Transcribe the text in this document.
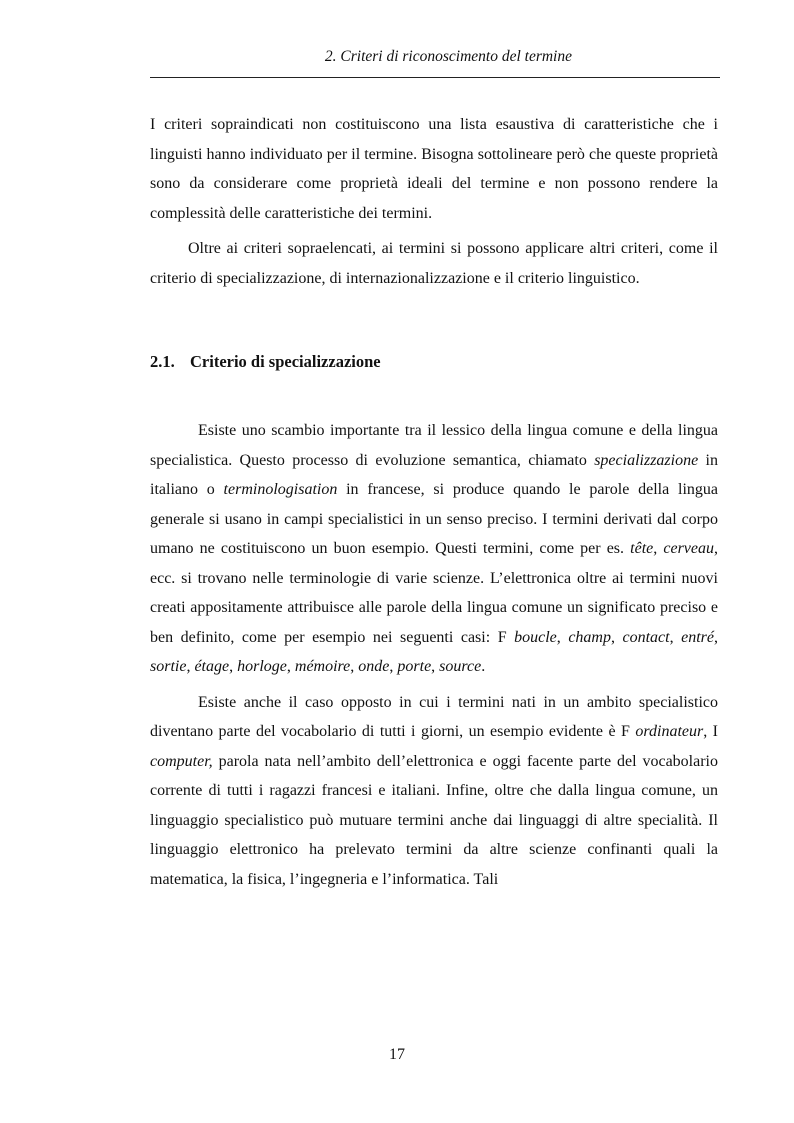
2. Criteri di riconoscimento del termine

I criteri sopraindicati non costituiscono una lista esaustiva di caratteristiche che i linguisti hanno individuato per il termine. Bisogna sottolineare però che queste proprietà sono da considerare come proprietà ideali del termine e non possono rendere la complessità delle caratteristiche dei termini.

Oltre ai criteri sopraelencati, ai termini si possono applicare altri criteri, come il criterio di specializzazione, di internazionalizzazione e il criterio linguistico.

2.1. Criterio di specializzazione

Esiste uno scambio importante tra il lessico della lingua comune e della lingua specialistica. Questo processo di evoluzione semantica, chiamato specializzazione in italiano o terminologisation in francese, si produce quando le parole della lingua generale si usano in campi specialistici in un senso preciso. I termini derivati dal corpo umano ne costituiscono un buon esempio. Questi termini, come per es. tête, cerveau, ecc. si trovano nelle terminologie di varie scienze. L’elettronica oltre ai termini nuovi creati appositamente attribuisce alle parole della lingua comune un significato preciso e ben definito, come per esempio nei seguenti casi: F boucle, champ, contact, entré, sortie, étage, horloge, mémoire, onde, porte, source.

Esiste anche il caso opposto in cui i termini nati in un ambito specialistico diventano parte del vocabolario di tutti i giorni, un esempio evidente è F ordinateur, I computer, parola nata nell’ambito dell’elettronica e oggi facente parte del vocabolario corrente di tutti i ragazzi francesi e italiani. Infine, oltre che dalla lingua comune, un linguaggio specialistico può mutuare termini anche dai linguaggi di altre specialità. Il linguaggio elettronico ha prelevato termini da altre scienze confinanti quali la matematica, la fisica, l’ingegneria e l’informatica. Tali

17
